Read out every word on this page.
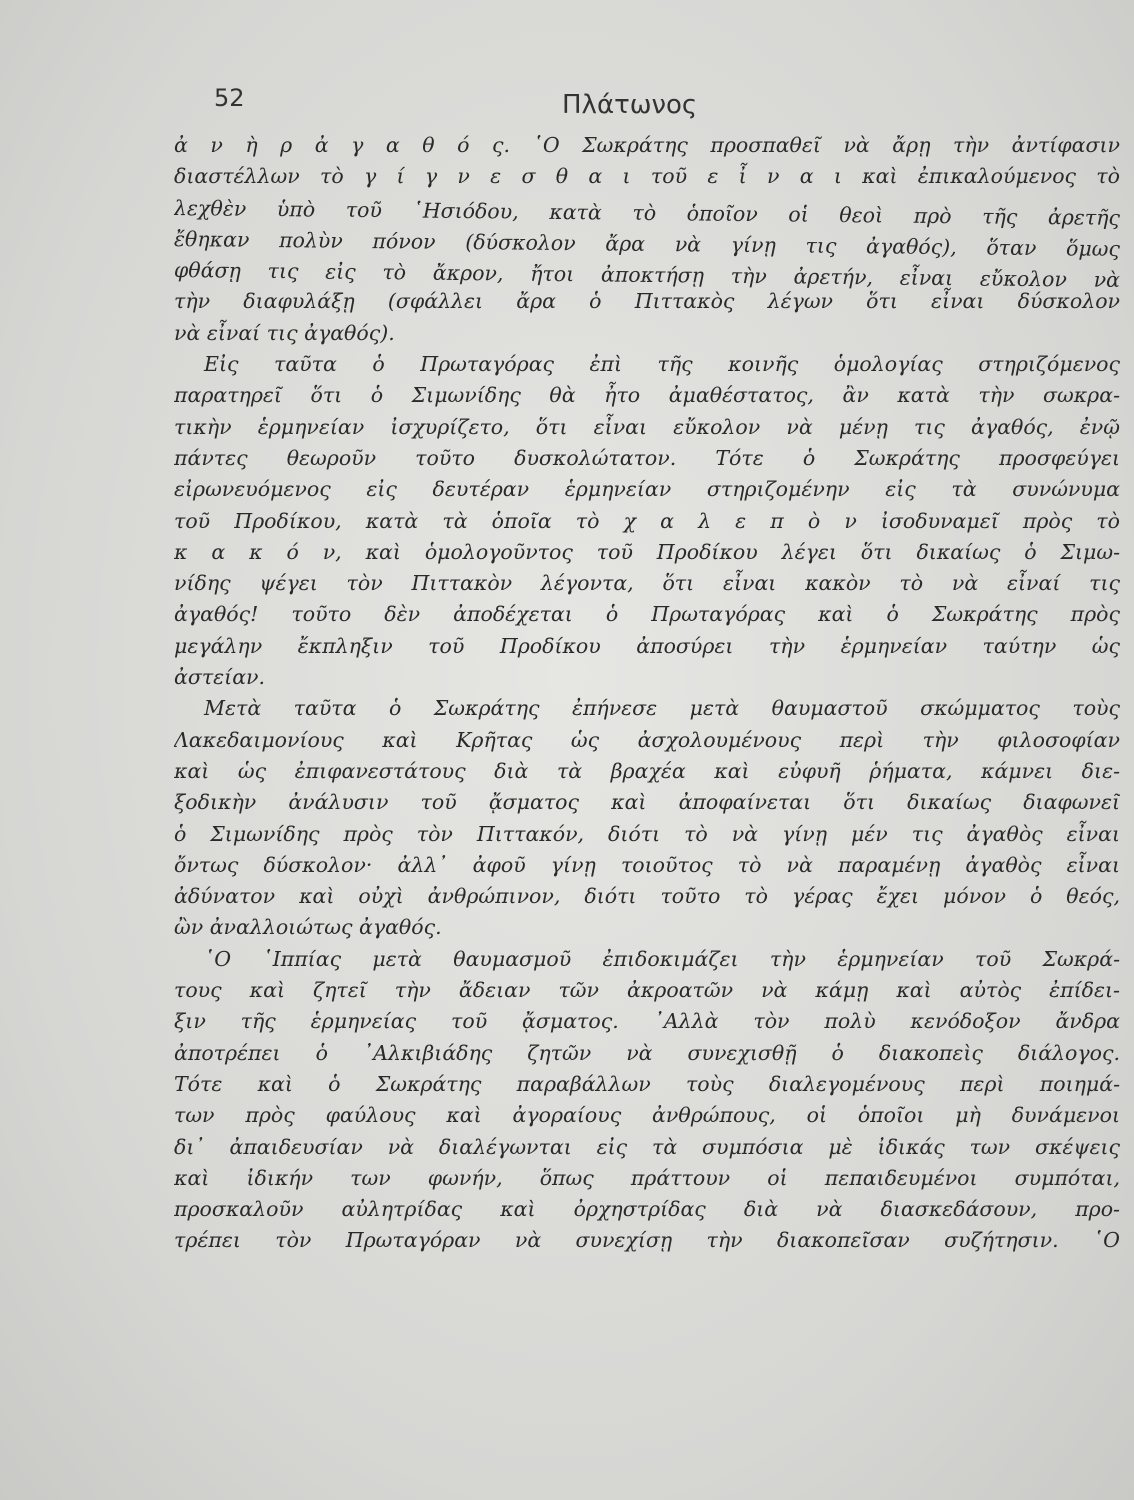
52	Πλάτωνος
ἀ ν ὴ ρ ἀ γ α θ ό ς. ῾Ο Σωκράτης προσπαθεῖ νὰ ἄρῃ τὴν ἀντίφασιν
διαστέλλων τὸ γ ί γ ν ε σ θ α ι τοῦ ε ἶ ν α ι καὶ ἐπικαλούμενος τὸ
λεχθὲν ὑπὸ τοῦ ῾Ησιόδου, κατὰ τὸ ὁποῖον οἱ θεοὶ πρὸ τῆς ἀρετῆς
ἔθηκαν πολὺν πόνον (δύσκολον ἄρα νὰ γίνῃ τις ἀγαθός), ὅταν ὅμως
φθάσῃ τις εἰς τὸ ἄκρον, ἤτοι ἀποκτήσῃ τὴν ἀρετήν, εἶναι εὔκολον νὰ
τὴν διαφυλάξῃ (σφάλλει ἄρα ὁ Πιττακὸς λέγων ὅτι εἶναι δύσκολον
νὰ εἶναί τις ἀγαθός).
Εἰς ταῦτα ὁ Πρωταγόρας ἐπὶ τῆς κοινῆς ὁμολογίας στηριζόμενος
παρατηρεῖ ὅτι ὁ Σιμωνίδης θὰ ἦτο ἀμαθέστατος, ἂν κατὰ τὴν σωκρα-
τικὴν ἑρμηνείαν ἰσχυρίζετο, ὅτι εἶναι εὔκολον νὰ μένῃ τις ἀγαθός, ἐνῷ
πάντες θεωροῦν τοῦτο δυσκολώτατον. Τότε ὁ Σωκράτης προσφεύγει
εἰρωνευόμενος εἰς δευτέραν ἑρμηνείαν στηριζομένην εἰς τὰ συνώνυμα
τοῦ Προδίκου, κατὰ τὰ ὁποῖα τὸ χ α λ ε π ὸ ν ἰσοδυναμεῖ πρὸς τὸ
κ α κ ό ν, καὶ ὁμολογοῦντος τοῦ Προδίκου λέγει ὅτι δικαίως ὁ Σιμω-
νίδης ψέγει τὸν Πιττακὸν λέγοντα, ὅτι εἶναι κακὸν τὸ νὰ εἶναί τις
ἀγαθός! τοῦτο δὲν ἀποδέχεται ὁ Πρωταγόρας καὶ ὁ Σωκράτης πρὸς
μεγάλην ἔκπληξιν τοῦ Προδίκου ἀποσύρει τὴν ἑρμηνείαν ταύτην ὡς
ἀστείαν.
Μετὰ ταῦτα ὁ Σωκράτης ἐπήνεσε μετὰ θαυμαστοῦ σκώμματος τοὺς
Λακεδαιμονίους καὶ Κρῆτας ὡς ἀσχολουμένους περὶ τὴν φιλοσοφίαν
καὶ ὡς ἐπιφανεστάτους διὰ τὰ βραχέα καὶ εὐφυῆ ῥήματα, κάμνει διε-
ξοδικὴν ἀνάλυσιν τοῦ ᾄσματος καὶ ἀποφαίνεται ὅτι δικαίως διαφωνεῖ
ὁ Σιμωνίδης πρὸς τὸν Πιττακόν, διότι τὸ νὰ γίνῃ μέν τις ἀγαθὸς εἶναι
ὄντως δύσκολον· ἀλλ᾿ ἀφοῦ γίνῃ τοιοῦτος τὸ νὰ παραμένῃ ἀγαθὸς εἶναι
ἀδύνατον καὶ οὐχὶ ἀνθρώπινον, διότι τοῦτο τὸ γέρας ἔχει μόνον ὁ θεός,
ὢν ἀναλλοιώτως ἀγαθός.
῾Ο ῾Ιππίας μετὰ θαυμασμοῦ ἐπιδοκιμάζει τὴν ἑρμηνείαν τοῦ Σωκρά-
τους καὶ ζητεῖ τὴν ἄδειαν τῶν ἀκροατῶν νὰ κάμῃ καὶ αὐτὸς ἐπίδει-
ξιν τῆς ἑρμηνείας τοῦ ᾄσματος. ᾿Αλλὰ τὸν πολὺ κενόδοξον ἄνδρα
ἀποτρέπει ὁ ᾿Αλκιβιάδης ζητῶν νὰ συνεχισθῇ ὁ διακοπεὶς διάλογος.
Τότε καὶ ὁ Σωκράτης παραβάλλων τοὺς διαλεγομένους περὶ ποιημά-
των πρὸς φαύλους καὶ ἀγοραίους ἀνθρώπους, οἱ ὁποῖοι μὴ δυνάμενοι
δι᾿ ἀπαιδευσίαν νὰ διαλέγωνται εἰς τὰ συμπόσια μὲ ἰδικάς των σκέψεις
καὶ ἰδικήν των φωνήν, ὅπως πράττουν οἱ πεπαιδευμένοι συμπόται,
προσκαλοῦν αὐλητρίδας καὶ ὀρχηστρίδας διὰ νὰ διασκεδάσουν, προ-
τρέπει τὸν Πρωταγόραν νὰ συνεχίσῃ τὴν διακοπεῖσαν συζήτησιν. ῾Ο
